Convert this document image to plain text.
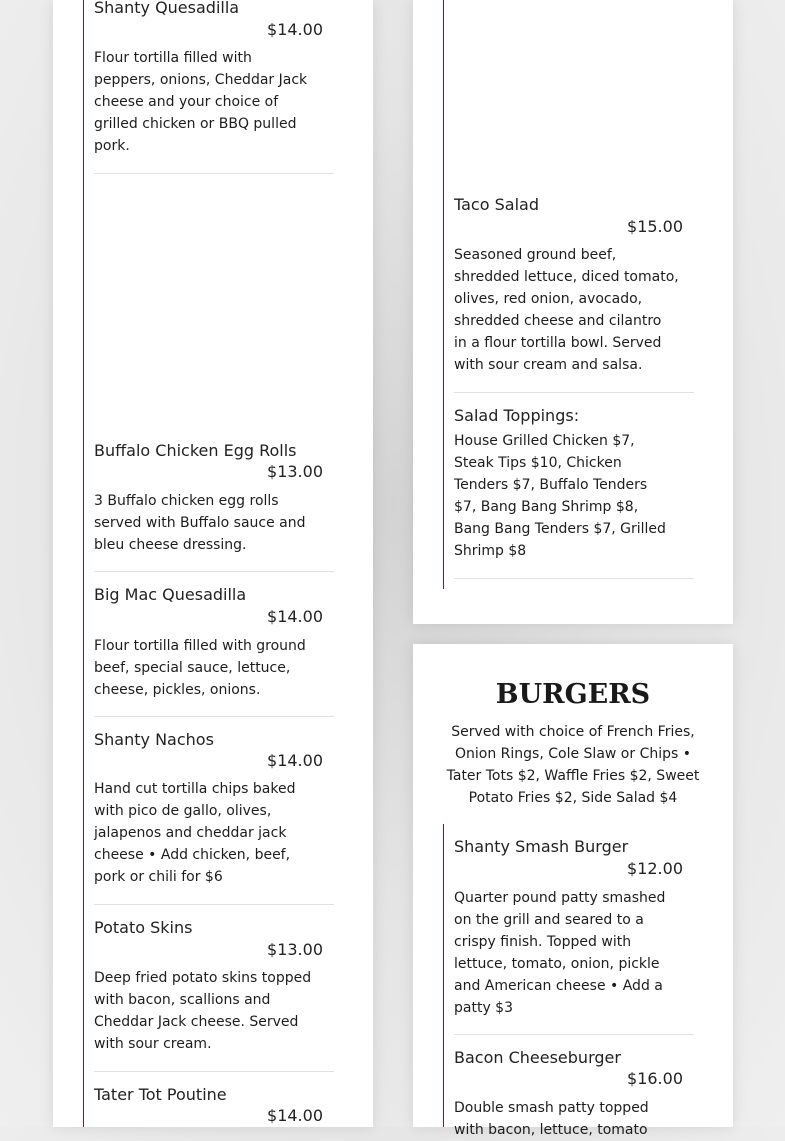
Shanty Quesadilla
$14.00
Flour tortilla filled with
peppers, onions, Cheddar Jack
cheese and your choice of
grilled chicken or BBQ pulled
pork.
Buffalo Chicken Egg Rolls
$13.00
3 Buffalo chicken egg rolls
served with Buffalo sauce and
bleu cheese dressing.
Big Mac Quesadilla
$14.00
Flour tortilla filled with ground
beef, special sauce, lettuce,
cheese, pickles, onions.
Shanty Nachos
$14.00
Hand cut tortilla chips baked
with pico de gallo, olives,
jalapenos and cheddar jack
cheese • Add chicken, beef,
pork or chili for $6
Potato Skins
$13.00
Deep fried potato skins topped
with bacon, scallions and
Cheddar Jack cheese. Served
with sour cream.
Tater Tot Poutine
$14.00
Taco Salad
$15.00
Seasoned ground beef,
shredded lettuce, diced tomato,
olives, red onion, avocado,
shredded cheese and cilantro
in a flour tortilla bowl. Served
with sour cream and salsa.
Salad Toppings:
House Grilled Chicken $7,
Steak Tips $10, Chicken
Tenders $7, Buffalo Tenders
$7, Bang Bang Shrimp $8,
Bang Bang Tenders $7, Grilled
Shrimp $8
BURGERS
Served with choice of French Fries,
Onion Rings, Cole Slaw or Chips •
Tater Tots $2, Waffle Fries $2, Sweet
Potato Fries $2, Side Salad $4
Shanty Smash Burger
$12.00
Quarter pound patty smashed
on the grill and seared to a
crispy finish. Topped with
lettuce, tomato, onion, pickle
and American cheese • Add a
patty $3
Bacon Cheeseburger
$16.00
Double smash patty topped
with bacon, lettuce, tomato
